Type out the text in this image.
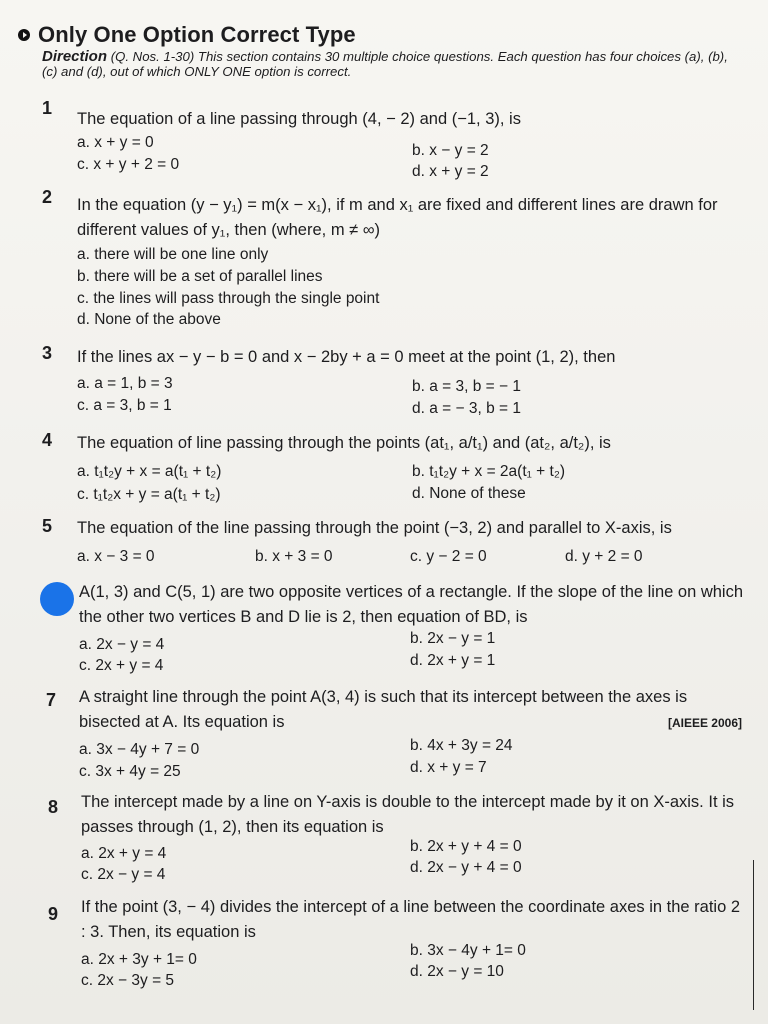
Only One Option Correct Type
Direction (Q. Nos. 1-30) This section contains 30 multiple choice questions. Each question has four choices (a), (b), (c) and (d), out of which ONLY ONE option is correct.
1
The equation of a line passing through (4, − 2) and (−1, 3), is
a. x + y = 0	b. x − y = 2
c. x + y + 2 = 0	d. x + y = 2
2 In the equation (y − y₁) = m(x − x₁), if m and x₁ are fixed and different lines are drawn for different values of y₁, then (where, m ≠ ∞)
a. there will be one line only
b. there will be a set of parallel lines
c. the lines will pass through the single point
d. None of the above
3 If the lines ax − y − b = 0 and x − 2by + a = 0 meet at the point (1, 2), then
a. a = 1, b = 3	b. a = 3, b = − 1
c. a = 3, b = 1	d. a = − 3, b = 1
4 The equation of line passing through the points (at₁, a/t₁) and (at₂, a/t₂), is
a. t₁t₂y + x = a(t₁ + t₂)	b. t₁t₂y + x = 2a(t₁ + t₂)
c. t₁t₂x + y = a(t₁ + t₂)	d. None of these
5 The equation of the line passing through the point (−3, 2) and parallel to X-axis, is
a. x − 3 = 0	b. x + 3 = 0	c. y − 2 = 0	d. y + 2 = 0
A(1, 3) and C(5, 1) are two opposite vertices of a rectangle. If the slope of the line on which the other two vertices B and D lie is 2, then equation of BD, is
a. 2x − y = 4	b. 2x − y = 1
c. 2x + y = 4	d. 2x + y = 1
7 A straight line through the point A(3, 4) is such that its intercept between the axes is bisected at A. Its equation is	[AIEEE 2006]
a. 3x − 4y + 7 = 0	b. 4x + 3y = 24
c. 3x + 4y = 25	d. x + y = 7
8 The intercept made by a line on Y-axis is double to the intercept made by it on X-axis. It is passes through (1, 2), then its equation is
a. 2x + y = 4	b. 2x + y + 4 = 0
c. 2x − y = 4	d. 2x − y + 4 = 0
9 If the point (3, − 4) divides the intercept of a line between the coordinate axes in the ratio 2 : 3. Then, its equation is
a. 2x + 3y + 1= 0
b. 3x − 4y + 1= 0
c. 2x − 3y = 5
d. 2x − y = 10
